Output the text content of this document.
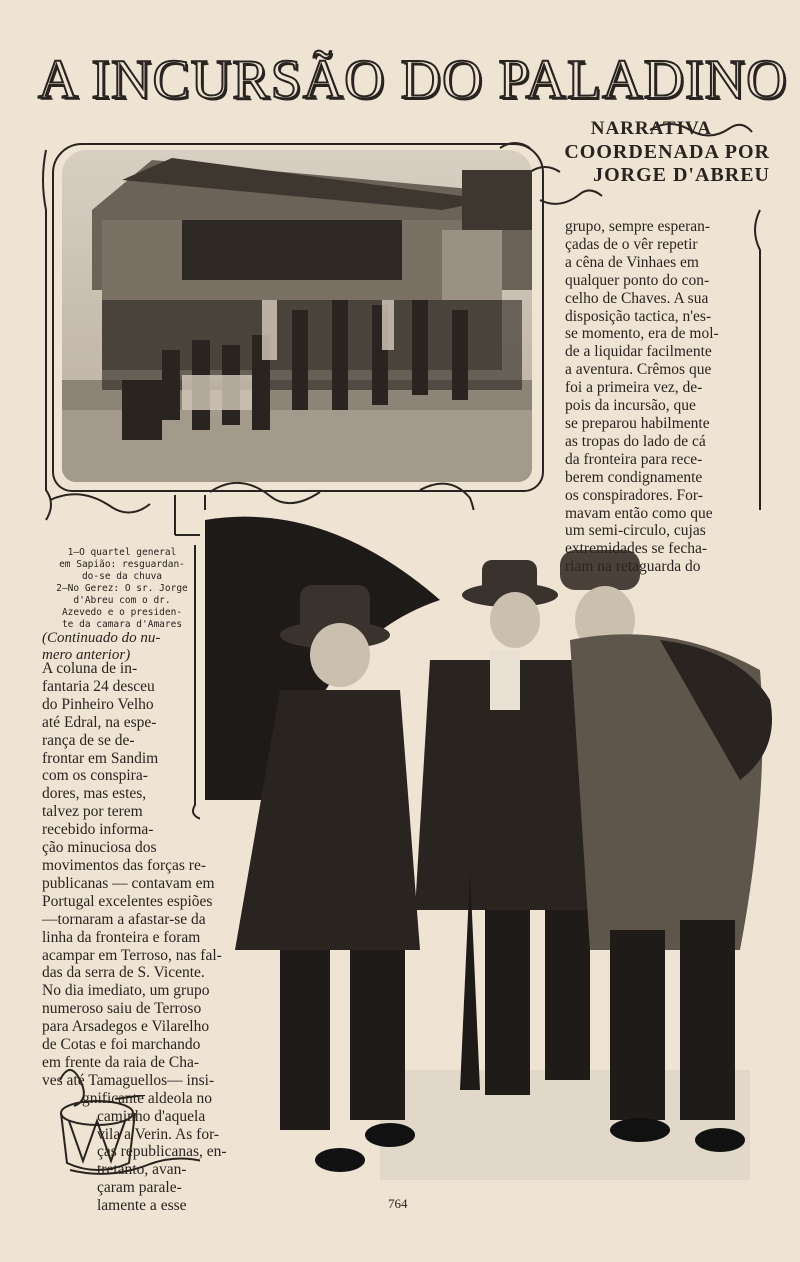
A INCURSÃO DO PALADINO
NARRATIVA
COORDENADA POR
JORGE D'ABREU
1—O quartel general
em Sapião: resguardan-
do-se da chuva
2—No Gerez: O sr. Jorge
d'Abreu com o dr.
Azevedo e o presiden-
te da camara d'Amares
(Continuado do nu-
mero anterior)
A coluna de in-
fantaria 24 desceu
do Pinheiro Velho
até Edral, na espe-
rança de se de-
frontar em Sandim
com os conspira-
dores, mas estes,
talvez por terem
recebido informa-
ção minuciosa dos
movimentos das forças re-
publicanas — contavam em
Portugal excelentes espiões
—tornaram a afastar-se da
linha da fronteira e foram
acampar em Terroso, nas fal-
das da serra de S. Vicente.
No dia imediato, um grupo
numeroso saiu de Terroso
para Arsadegos e Vilarelho
de Cotas e foi marchando
em frente da raia de Cha-
ves até Tamaguellos— insi-
gnificante aldeola no
caminho d'aquela
vila a Verin. As for-
ças republicanas, en-
tretanto, avan-
çaram parale-
lamente a esse
grupo, sempre esperan-
çadas de o vêr repetir
a cêna de Vinhaes em
qualquer ponto do con-
celho de Chaves. A sua
disposição tactica, n'es-
se momento, era de mol-
de a liquidar facilmente
a aventura. Crêmos que
foi a primeira vez, de-
pois da incursão, que
se preparou habilmente
as tropas do lado de cá
da fronteira para rece-
berem condignamente
os conspiradores. For-
mavam então como que
um semi-circulo, cujas
extremidades se fecha-
riam na retaguarda do
764
